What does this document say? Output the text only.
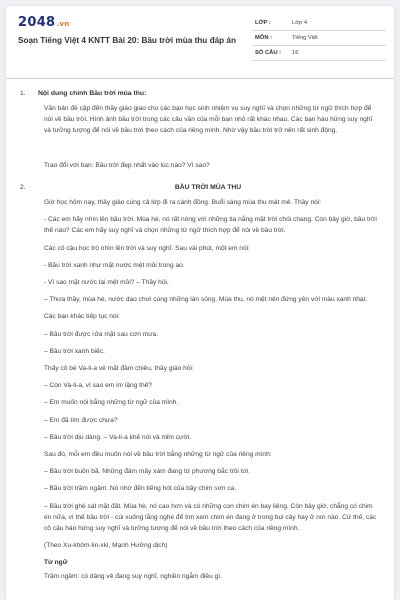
2048.vn
Soạn Tiếng Việt 4 KNTT Bài 20: Bầu trời mùa thu đáp án
LỚP :	Lớp 4
MÔN :	Tiếng Việt
SỐ CÂU :	16
1. Nội dung chính Bầu trời mùa thu:

Văn bản đề cập đến thầy giáo giao cho các bạn học sinh nhiệm vụ suy nghĩ và chọn những từ ngữ thích hợp để nói về bầu trời. Hình ảnh bầu trời trong các câu văn của mỗi bạn nhỏ rất khác nhau. Các bạn háo hứng suy nghĩ và tưởng tượng để nói về bầu trời theo cách của riêng mình. Nhờ vậy bầu trời trở nên rất sinh động.

Trao đổi với bạn: Bầu trời đẹp nhất vào lúc nào? Vì sao?

2.	BẦU TRỜI MÙA THU

Giờ học hôm nay, thầy giáo cùng cả lớp đi ra cánh đồng. Buổi sáng mùa thu mát mẻ. Thầy nói:

- Các em hãy nhìn lên bầu trời. Mùa hè, nó rất nóng với những tia nắng mặt trời chói chang. Còn bây giờ, bầu trời thế nào? Các em hãy suy nghĩ và chọn những từ ngữ thích hợp để nói về bầu trời.

Các cô cậu học trò nhìn lên trời và suy nghĩ. Sau vài phút, một em nói:

- Bầu trời xanh như mặt nước mệt mỏi trong ao.

- Vì sao mặt nước lại mệt mỏi? – Thầy hỏi.

– Thưa thầy, mùa hè, nước dạo chơi cùng những làn sóng. Mùa thu, nó mệt nên đứng yên với màu xanh nhạt.

Các bạn khác tiếp tục nói:

– Bầu trời được rửa mặt sau cơn mưa.

– Bầu trời xanh biếc.

Thấy cô bé Va-li-a vẻ mặt đăm chiêu, thầy giáo hỏi:

– Còn Va-li-a, vì sao em im lặng thế?

– Em muốn nói bằng những từ ngữ của mình.

– Em đã tìm được chưa?

– Bầu trời dịu dàng. – Va-li-a khẽ nói và mỉm cười.

Sau đó, mỗi em đều muốn nói về bầu trời bằng những từ ngữ của riêng mình:

– Bầu trời buồn bã. Những đám mây xám đang từ phương bắc trôi tới.

– Bầu trời trầm ngâm. Nó nhớ đến tiếng hót của bầy chim sơn ca.

– Bầu trời ghé sát mặt đất. Mùa hè, nó cao hơn và có những con chim én bay liệng. Còn bây giờ, chẳng có chim én nữa, vì thế bầu trời - cúi xuống lắng nghe để tìm xem chim én đang ở trong bụi cây hay ở nơi nào. Cứ thế, các cô cậu háo hứng suy nghĩ và tưởng tượng để nói về bầu trời theo cách của riêng mình.

(Theo Xu-khôm-lin-xki, Mạnh Hưởng dịch)

Từ ngữ

Trầm ngâm: có dáng vẻ đang suy nghĩ, nghiền ngẫm điều gì.
